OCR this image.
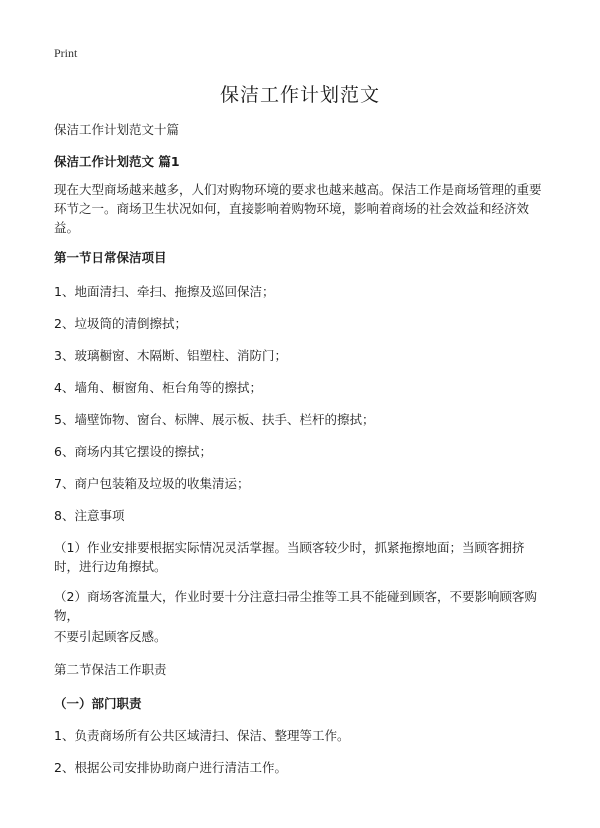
Print
保洁工作计划范文

保洁工作计划范文十篇

保洁工作计划范文 篇1

现在大型商场越来越多，人们对购物环境的要求也越来越高。保洁工作是商场管理的重要环节之一。商场卫生状况如何，直接影响着购物环境，影响着商场的社会效益和经济效益。

第一节日常保洁项目

1、地面清扫、牵扫、拖擦及巡回保洁；

2、垃圾筒的清倒擦拭；

3、玻璃橱窗、木隔断、铝塑柱、消防门；

4、墙角、橱窗角、柜台角等的擦拭；

5、墙壁饰物、窗台、标牌、展示板、扶手、栏杆的擦拭；

6、商场内其它摆设的擦拭；

7、商户包装箱及垃圾的收集清运；

8、注意事项

（1）作业安排要根据实际情况灵活掌握。当顾客较少时，抓紧拖擦地面；当顾客拥挤时，进行边角擦拭。

（2）商场客流量大，作业时要十分注意扫帚尘推等工具不能碰到顾客，不要影响顾客购物，

不要引起顾客反感。

第二节保洁工作职责

（一）部门职责

1、负责商场所有公共区域清扫、保洁、整理等工作。

2、根据公司安排协助商户进行清洁工作。
